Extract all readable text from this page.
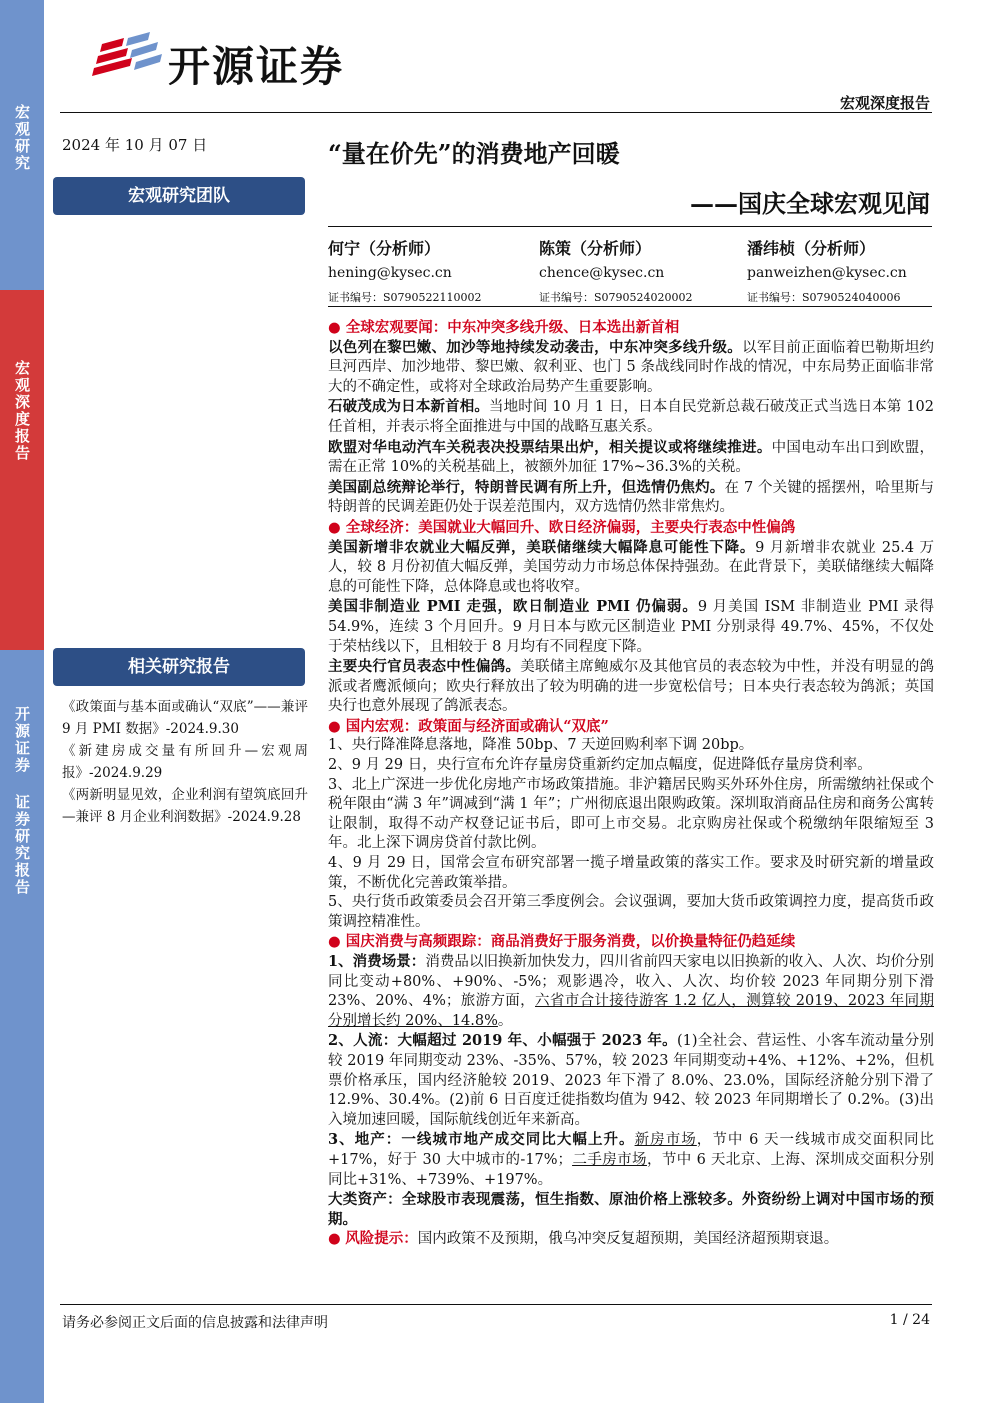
宏观研究
宏观深度报告
开源证券 证券研究报告
开源证券
宏观深度报告
2024 年 10 月 07 日	“量在价先”的消费地产回暖
——国庆全球宏观见闻
宏观研究团队
相关研究报告
何宁（分析师）
hening@kysec.cn
证书编号：S0790522110002
陈策（分析师）
chence@kysec.cn
证书编号：S0790524020002
潘纬桢（分析师）
panweizhen@kysec.cn
证书编号：S0790524040006

《政策面与基本面或确认“双底”——兼评 9 月 PMI 数据》-2024.9.30

《新建房成交量有所回升—宏观周报》-2024.9.29

《两新明显见效，企业利润有望筑底回升—兼评 8 月企业利润数据》-2024.9.28

● 全球宏观要闻：中东冲突多线升级、日本选出新首相

以色列在黎巴嫩、加沙等地持续发动袭击，中东冲突多线升级。以军目前正面临着巴勒斯坦约旦河西岸、加沙地带、黎巴嫩、叙利亚、也门 5 条战线同时作战的情况，中东局势正面临非常大的不确定性，或将对全球政治局势产生重要影响。

石破茂成为日本新首相。当地时间 10 月 1 日，日本自民党新总裁石破茂正式当选日本第 102 任首相，并表示将全面推进与中国的战略互惠关系。

欧盟对华电动汽车关税表决投票结果出炉，相关提议或将继续推进。中国电动车出口到欧盟，需在正常 10%的关税基础上，被额外加征 17%~36.3%的关税。

美国副总统辩论举行，特朗普民调有所上升，但选情仍焦灼。在 7 个关键的摇摆州，哈里斯与特朗普的民调差距仍处于误差范围内，双方选情仍然非常焦灼。

● 全球经济：美国就业大幅回升、欧日经济偏弱，主要央行表态中性偏鸽

美国新增非农就业大幅反弹，美联储继续大幅降息可能性下降。9 月新增非农就业 25.4 万人，较 8 月份初值大幅反弹，美国劳动力市场总体保持强劲。在此背景下，美联储继续大幅降息的可能性下降，总体降息或也将收窄。

美国非制造业 PMI 走强，欧日制造业 PMI 仍偏弱。9 月美国 ISM 非制造业 PMI 录得 54.9%，连续 3 个月回升。9 月日本与欧元区制造业 PMI 分别录得 49.7%、45%，不仅处于荣枯线以下，且相较于 8 月均有不同程度下降。

主要央行官员表态中性偏鸽。美联储主席鲍威尔及其他官员的表态较为中性，并没有明显的鸽派或者鹰派倾向；欧央行释放出了较为明确的进一步宽松信号；日本央行表态较为鸽派；英国央行也意外展现了鸽派表态。

● 国内宏观：政策面与经济面或确认“双底”

1、央行降准降息落地，降准 50bp、7 天逆回购利率下调 20bp。

2、9 月 29 日，央行宣布允许存量房贷重新约定加点幅度，促进降低存量房贷利率。

3、北上广深进一步优化房地产市场政策措施。非沪籍居民购买外环外住房，所需缴纳社保或个税年限由“满 3 年”调减到“满 1 年”；广州彻底退出限购政策。深圳取消商品住房和商务公寓转让限制，取得不动产权登记证书后，即可上市交易。北京购房社保或个税缴纳年限缩短至 3 年。北上深下调房贷首付款比例。

4、9 月 29 日，国常会宣布研究部署一揽子增量政策的落实工作。要求及时研究新的增量政策，不断优化完善政策举措。

5、央行货币政策委员会召开第三季度例会。会议强调，要加大货币政策调控力度，提高货币政策调控精准性。

● 国庆消费与高频跟踪：商品消费好于服务消费，以价换量特征仍趋延续

1、消费场景：消费品以旧换新加快发力，四川省前四天家电以旧换新的收入、人次、均价分别同比变动+80%、+90%、-5%；观影遇冷，收入、人次、均价较 2023 年同期分别下滑 23%、20%、4%；旅游方面，六省市合计接待游客 1.2 亿人，测算较 2019、2023 年同期分别增长约 20%、14.8%。

2、人流：大幅超过 2019 年、小幅强于 2023 年。(1)全社会、营运性、小客车流动量分别较 2019 年同期变动 23%、-35%、57%，较 2023 年同期变动+4%、+12%、+2%，但机票价格承压，国内经济舱较 2019、2023 年下滑了 8.0%、23.0%，国际经济舱分别下滑了 12.9%、30.4%。(2)前 6 日百度迁徙指数均值为 942、较 2023 年同期增长了 0.2%。(3)出入境加速回暖，国际航线创近年来新高。

3、地产：一线城市地产成交同比大幅上升。新房市场，节中 6 天一线城市成交面积同比+17%，好于 30 大中城市的-17%；二手房市场，节中 6 天北京、上海、深圳成交面积分别同比+31%、+739%、+197%。

大类资产：全球股市表现震荡，恒生指数、原油价格上涨较多。外资纷纷上调对中国市场的预期。

● 风险提示：国内政策不及预期，俄乌冲突反复超预期，美国经济超预期衰退。

请务必参阅正文后面的信息披露和法律声明	1 / 24
